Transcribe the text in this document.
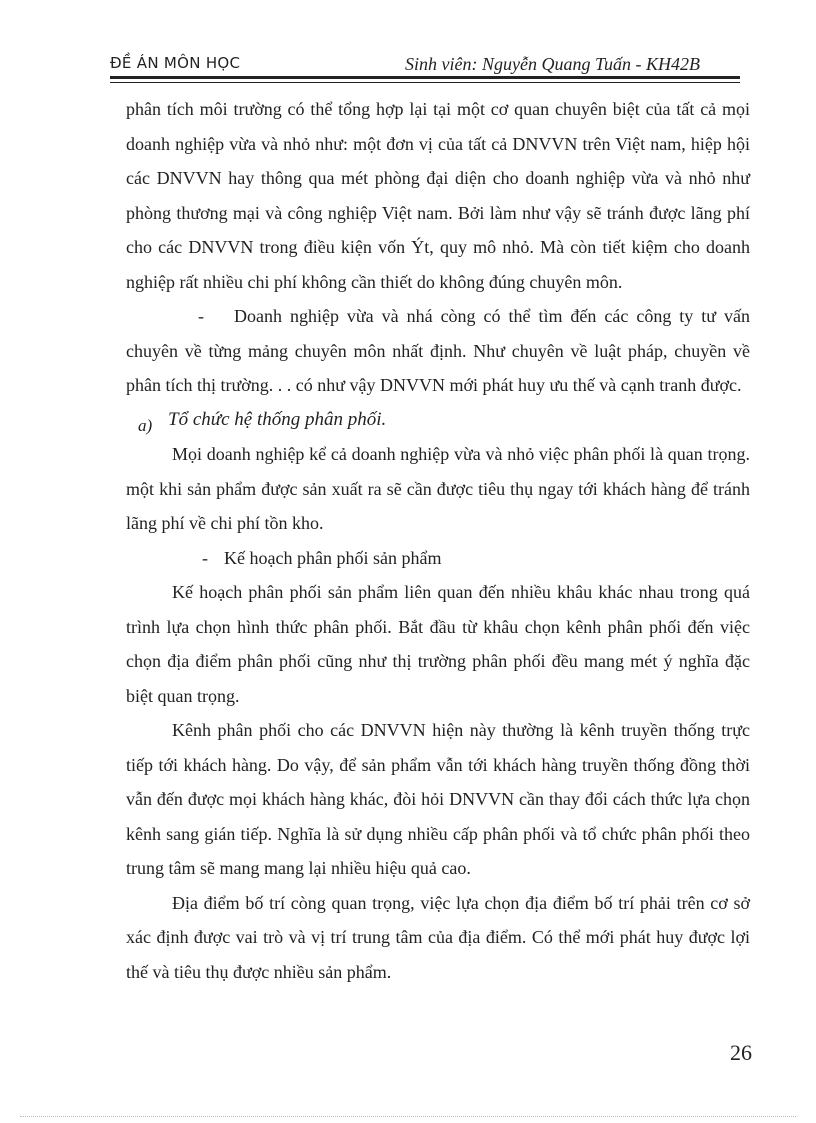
ĐỀ ÁN MÔN HỌC	Sinh viên: Nguyễn Quang Tuấn - KH42B

phân tích môi trường có thể tổng hợp lại tại một cơ quan chuyên biệt của tất cả mọi doanh nghiệp vừa và nhỏ như: một đơn vị của tất cả DNVVN trên Việt nam, hiệp hội các DNVVN hay thông qua mét phòng đại diện cho doanh nghiệp vừa và nhỏ như phòng thương mại và công nghiệp Việt nam. Bởi làm như vậy sẽ tránh được lãng phí cho các DNVVN trong điều kiện vốn Ýt, quy mô nhỏ. Mà còn tiết kiệm cho doanh nghiệp rất nhiều chi phí không cần thiết do không đúng chuyên môn.

- Doanh nghiệp vừa và nhá còng có thể tìm đến các công ty tư vấn chuyên về từng mảng chuyên môn nhất định. Như chuyên về luật pháp, chuyền về phân tích thị trường. . . có như vậy DNVVN mới phát huy ưu thế và cạnh tranh được.

a) Tổ chức hệ thống phân phối.

Mọi doanh nghiệp kể cả doanh nghiệp vừa và nhỏ việc phân phối là quan trọng. một khi sản phẩm được sản xuất ra sẽ cần được tiêu thụ ngay tới khách hàng để tránh lãng phí về chi phí tồn kho.

- Kế hoạch phân phối sản phẩm

Kế hoạch phân phối sản phẩm liên quan đến nhiều khâu khác nhau trong quá trình lựa chọn hình thức phân phối. Bắt đầu từ khâu chọn kênh phân phối đến việc chọn địa điểm phân phối cũng như thị trường phân phối đều mang mét ý nghĩa đặc biệt quan trọng.

Kênh phân phối cho các DNVVN hiện này thường là kênh truyền thống trực tiếp tới khách hàng. Do vậy, để sản phẩm vẫn tới khách hàng truyền thống đồng thời vẫn đến được mọi khách hàng khác, đòi hỏi DNVVN cần thay đổi cách thức lựa chọn kênh sang gián tiếp. Nghĩa là sử dụng nhiều cấp phân phối và tổ chức phân phối theo trung tâm sẽ mang mang lại nhiều hiệu quả cao.

Địa điểm bố trí còng quan trọng, việc lựa chọn địa điểm bố trí phải trên cơ sở xác định được vai trò và vị trí trung tâm của địa điểm. Có thể mới phát huy được lợi thế và tiêu thụ được nhiều sản phẩm.

26
